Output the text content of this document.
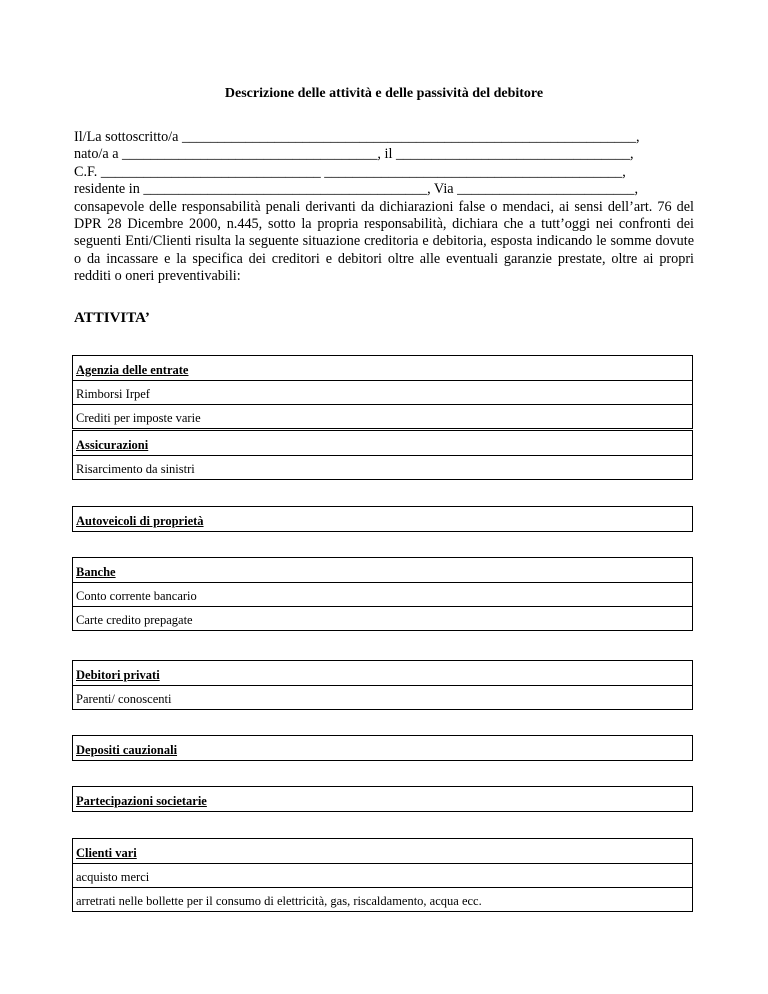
Descrizione delle attività e delle passività del debitore
Il/La sottoscritto/a ________________________________________________________________,
nato/a a ____________________________________, il _________________________________,
C.F. _______________________________ __________________________________________,
residente in ________________________________________, Via _________________________,
consapevole delle responsabilità penali derivanti da dichiarazioni false o mendaci, ai sensi dell’art. 76 del DPR 28 Dicembre 2000, n.445, sotto la propria responsabilità, dichiara che a tutt’oggi nei confronti dei seguenti Enti/Clienti risulta la seguente situazione creditoria e debitoria, esposta indicando le somme dovute o da incassare e la specifica dei creditori e debitori oltre alle eventuali garanzie prestate, oltre ai propri redditi o oneri preventivabili:
ATTIVITA’
Agenzia delle entrate
Rimborsi Irpef
Crediti per imposte varie
Assicurazioni
Risarcimento da sinistri
Autoveicoli di proprietà
Banche
Conto corrente bancario
Carte credito prepagate
Debitori privati
Parenti/ conoscenti
Depositi cauzionali
Partecipazioni societarie
Clienti vari
acquisto merci
arretrati nelle bollette per il consumo di elettricità, gas, riscaldamento, acqua ecc.
